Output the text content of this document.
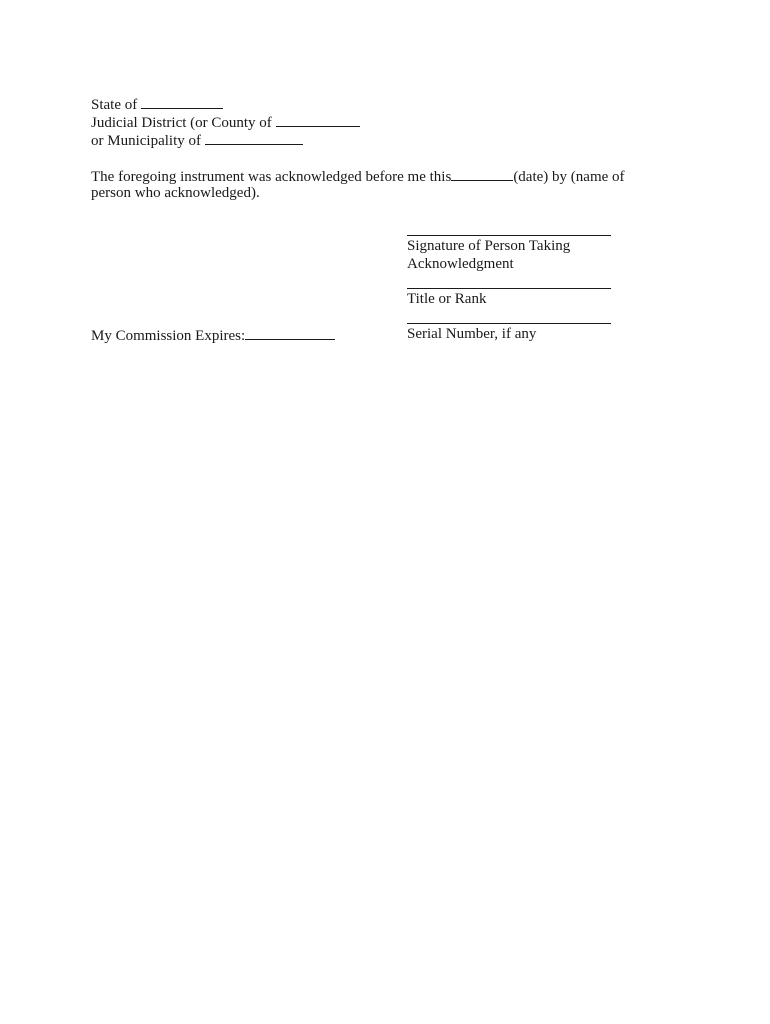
State of
Judicial District (or County of
or Municipality of
The foregoing instrument was acknowledged before me this	(date) by (name of
person who acknowledged).
Signature of Person Taking
Acknowledgment
Title or Rank
Serial Number, if any
My Commission Expires:
